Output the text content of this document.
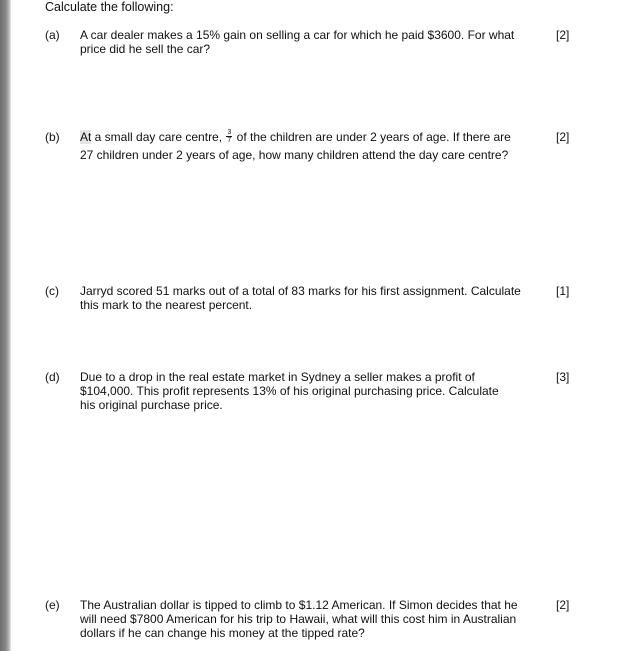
Calculate the following:
(a)	A car dealer makes a 15% gain on selling a car for which he paid $3600. For what
price did he sell the car?
[2]
(b)	At a small day care centre, $\frac{3}{7}$ of the children are under 2 years of age. If there are
27 children under 2 years of age, how many children attend the day care centre?
[2]
(c)	Jarryd scored 51 marks out of a total of 83 marks for his first assignment. Calculate
this mark to the nearest percent.
[1]
(d)	Due to a drop in the real estate market in Sydney a seller makes a profit of
$104,000. This profit represents 13% of his original purchasing price. Calculate
his original purchase price.
[3]
(e)	The Australian dollar is tipped to climb to $1.12 American. If Simon decides that he
will need $7800 American for his trip to Hawaii, what will this cost him in Australian
dollars if he can change his money at the tipped rate?
[2]
